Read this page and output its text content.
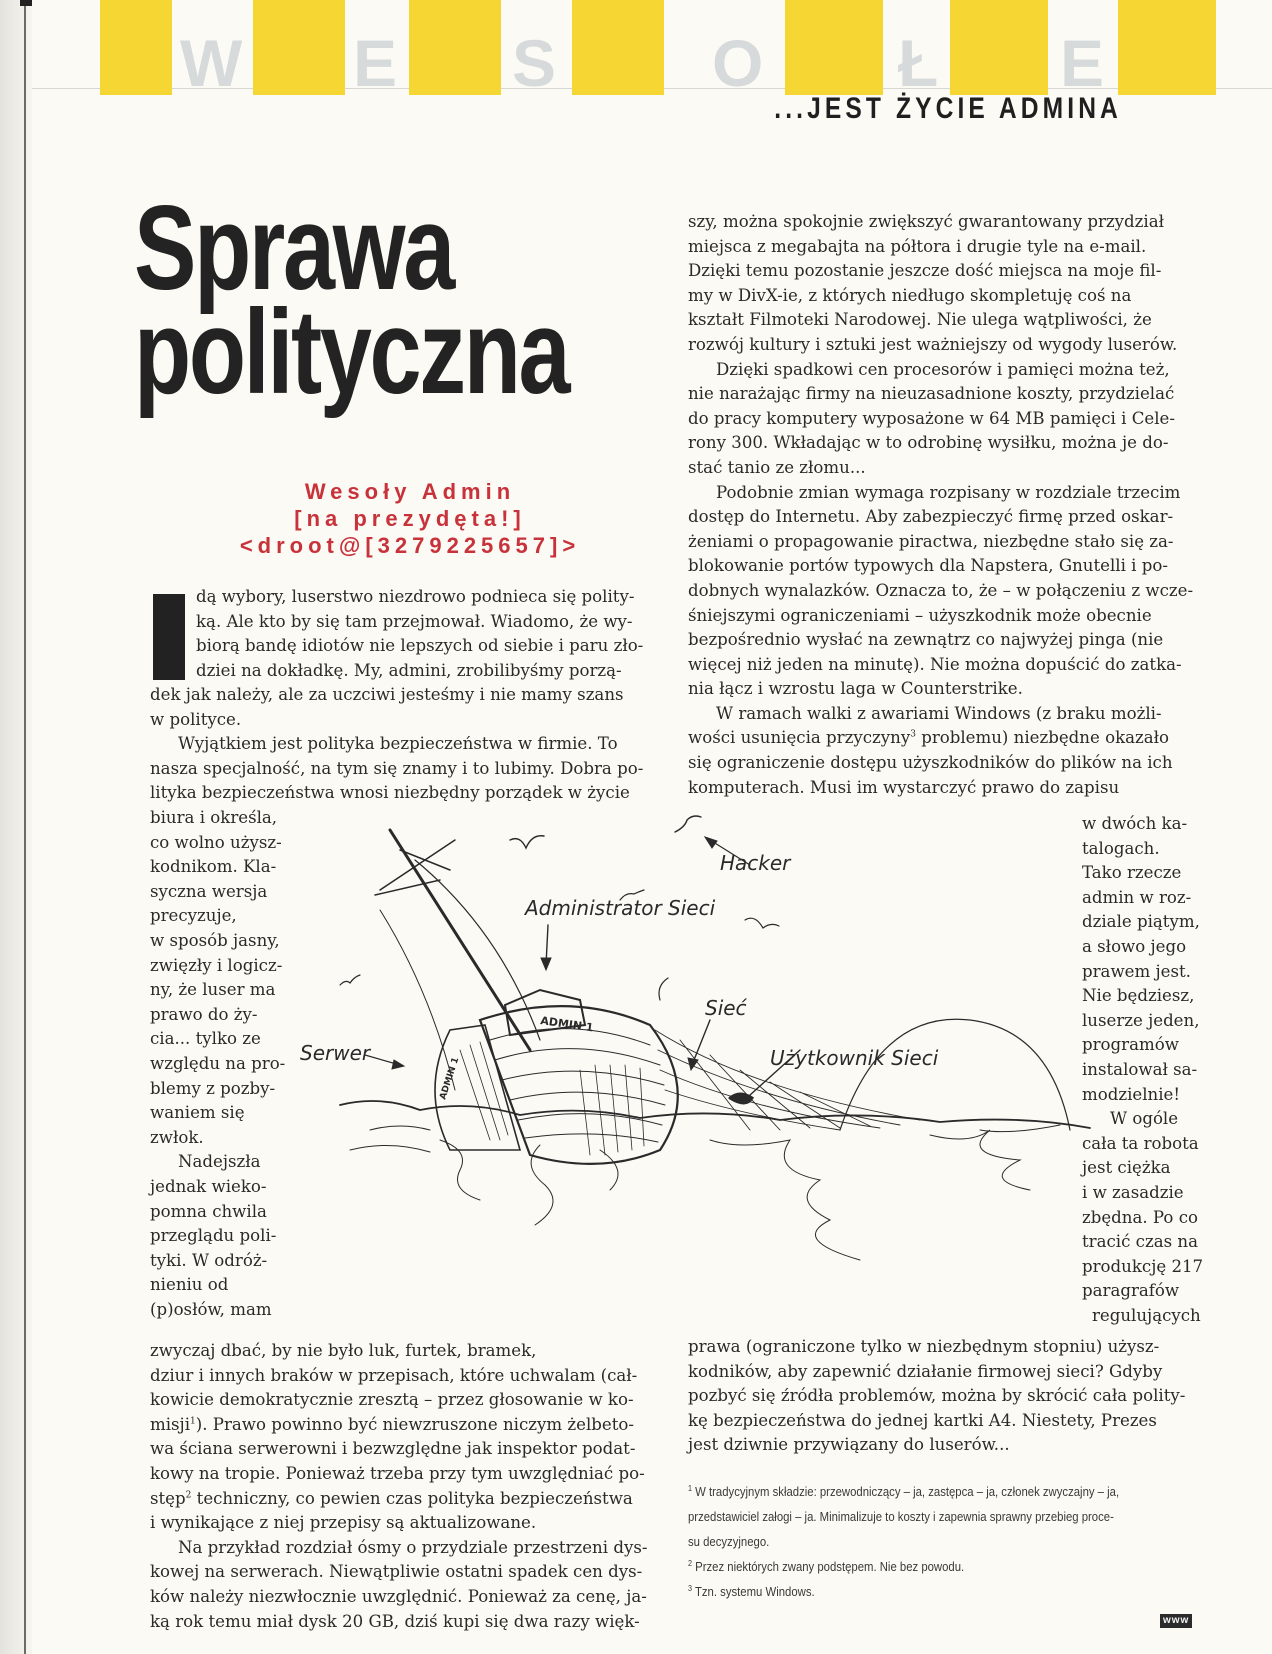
W E S O Ł E
...JEST ŻYCIE ADMINA
Sprawa
polityczna
Wesoły Admin
[na prezydęta!]
<droot@[3279225657]>
dą wybory, luserstwo niezdrowo podnieca się polity-
ką. Ale kto by się tam przejmował. Wiadomo, że wy-
biorą bandę idiotów nie lepszych od siebie i paru zło-
dziei na dokładkę. My, admini, zrobilibyśmy porzą-
dek jak należy, ale za uczciwi jesteśmy i nie mamy szans
w polityce.
Wyjątkiem jest polityka bezpieczeństwa w firmie. To
nasza specjalność, na tym się znamy i to lubimy. Dobra po-
lityka bezpieczeństwa wnosi niezbędny porządek w życie
biura i określa,
co wolno użysz-
kodnikom. Kla-
syczna wersja
precyzuje,
w sposób jasny,
zwięzły i logicz-
ny, że luser ma
prawo do ży-
cia... tylko ze
względu na pro-
blemy z pozby-
waniem się
zwłok.
Nadejszła
jednak wieko-
pomna chwila
przeglądu poli-
tyki. W odróż-
nieniu od
(p)osłów, mam
zwyczaj dbać, by nie było luk, furtek, bramek,
dziur i innych braków w przepisach, które uchwalam (cał-
kowicie demokratycznie zresztą – przez głosowanie w ko-
misji$^1$). Prawo powinno być niewzruszone niczym żelbeto-
wa ściana serwerowni i bezwzględne jak inspektor podat-
kowy na tropie. Ponieważ trzeba przy tym uwzględniać po-
stęp$^2$ techniczny, co pewien czas polityka bezpieczeństwa
i wynikające z niej przepisy są aktualizowane.
Na przykład rozdział ósmy o przydziale przestrzeni dys-
kowej na serwerach. Niewątpliwie ostatni spadek cen dys-
ków należy niezwłocznie uwzględnić. Ponieważ za cenę, ja-
ką rok temu miał dysk 20 GB, dziś kupi się dwa razy więk-
szy, można spokojnie zwiększyć gwarantowany przydział
miejsca z megabajta na półtora i drugie tyle na e-mail.
Dzięki temu pozostanie jeszcze dość miejsca na moje fil-
my w DivX-ie, z których niedługo skompletuję coś na
kształt Filmoteki Narodowej. Nie ulega wątpliwości, że
rozwój kultury i sztuki jest ważniejszy od wygody luserów.
Dzięki spadkowi cen procesorów i pamięci można też,
nie narażając firmy na nieuzasadnione koszty, przydzielać
do pracy komputery wyposażone w 64 MB pamięci i Cele-
rony 300. Wkładając w to odrobinę wysiłku, można je do-
stać tanio ze złomu...
Podobnie zmian wymaga rozpisany w rozdziale trzecim
dostęp do Internetu. Aby zabezpieczyć firmę przed oskar-
żeniami o propagowanie piractwa, niezbędne stało się za-
blokowanie portów typowych dla Napstera, Gnutelli i po-
dobnych wynalazków. Oznacza to, że – w połączeniu z wcze-
śniejszymi ograniczeniami – użyszkodnik może obecnie
bezpośrednio wysłać na zewnątrz co najwyżej pinga (nie
więcej niż jeden na minutę). Nie można dopuścić do zatka-
nia łącz i wzrostu laga w Counterstrike.
W ramach walki z awariami Windows (z braku możli-
wości usunięcia przyczyny$^3$ problemu) niezbędne okazało
się ograniczenie dostępu użyszkodników do plików na ich
komputerach. Musi im wystarczyć prawo do zapisu
w dwóch ka-
talogach.
Tako rzecze
admin w roz-
dziale piątym,
a słowo jego
prawem jest.
Nie będziesz,
luserze jeden,
programów
instalował sa-
modzielnie!
W ogóle
cała ta robota
jest ciężka
i w zasadzie
zbędna. Po co
tracić czas na
produkcję 217
paragrafów
regulujących
prawa (ograniczone tylko w niezbędnym stopniu) użysz-
kodników, aby zapewnić działanie firmowej sieci? Gdyby
pozbyć się źródła problemów, można by skrócić cała polity-
kę bezpieczeństwa do jednej kartki A4. Niestety, Prezes
jest dziwnie przywiązany do luserów...
Hacker
Administrator Sieci
Sieć
Użytkownik Sieci
Serwer
ADMIN 1
ADMIN 1
$^1$ W tradycyjnym składzie: przewodniczący – ja, zastępca – ja, członek zwyczajny – ja,
przedstawiciel załogi – ja. Minimalizuje to koszty i zapewnia sprawny przebieg proce-
su decyzyjnego.
$^2$ Przez niektórych zwany podstępem. Nie bez powodu.
$^3$ Tzn. systemu Windows.
www
